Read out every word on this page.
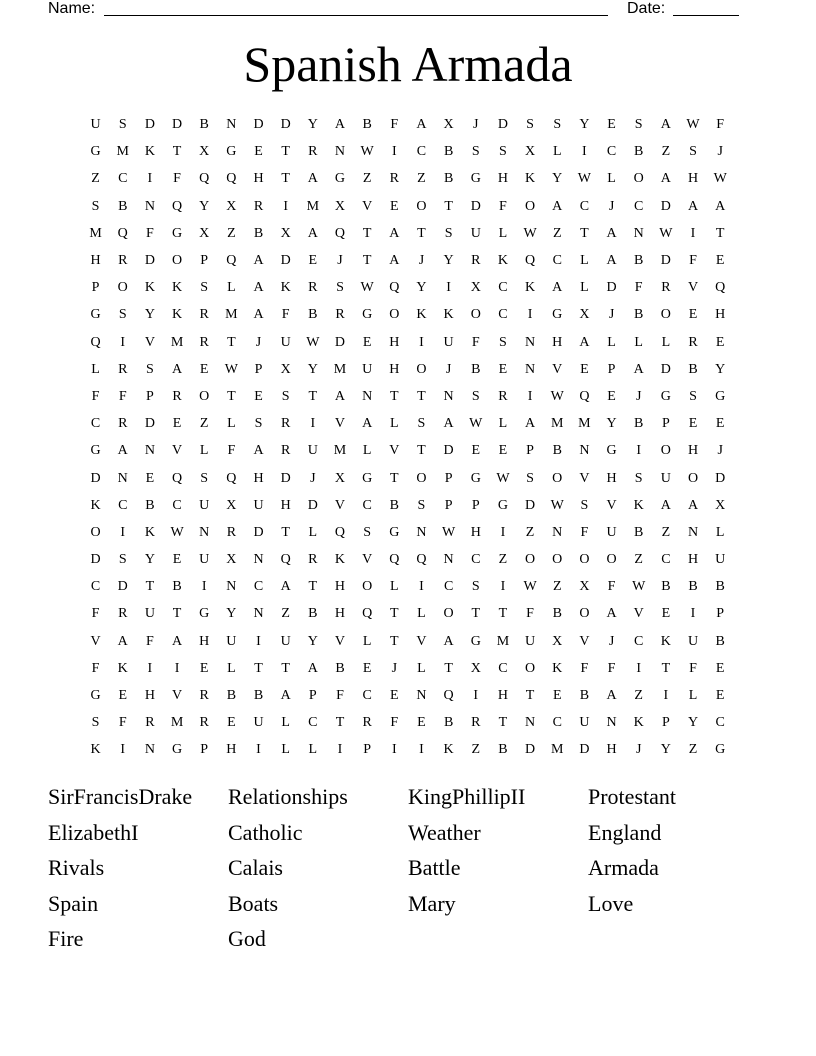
Name:	Date:
Spanish Armada
U	S	D	D	B	N	D	D	Y	A	B	F	A	X	J	D	S	S	Y	E	S	A	W	F
G	M	K	T	X	G	E	T	R	N	W	I	C	B	S	S	X	L	I	C	B	Z	S	J
Z	C	I	F	Q	Q	H	T	A	G	Z	R	Z	B	G	H	K	Y	W	L	O	A	H	W
S	B	N	Q	Y	X	R	I	M	X	V	E	O	T	D	F	O	A	C	J	C	D	A	A
M	Q	F	G	X	Z	B	X	A	Q	T	A	T	S	U	L	W	Z	T	A	N	W	I	T
H	R	D	O	P	Q	A	D	E	J	T	A	J	Y	R	K	Q	C	L	A	B	D	F	E
P	O	K	K	S	L	A	K	R	S	W	Q	Y	I	X	C	K	A	L	D	F	R	V	Q
G	S	Y	K	R	M	A	F	B	R	G	O	K	K	O	C	I	G	X	J	B	O	E	H
Q	I	V	M	R	T	J	U	W	D	E	H	I	U	F	S	N	H	A	L	L	L	R	E
L	R	S	A	E	W	P	X	Y	M	U	H	O	J	B	E	N	V	E	P	A	D	B	Y
F	F	P	R	O	T	E	S	T	A	N	T	T	N	S	R	I	W	Q	E	J	G	S	G
C	R	D	E	Z	L	S	R	I	V	A	L	S	A	W	L	A	M	M	Y	B	P	E	E
G	A	N	V	L	F	A	R	U	M	L	V	T	D	E	E	P	B	N	G	I	O	H	J
D	N	E	Q	S	Q	H	D	J	X	G	T	O	P	G	W	S	O	V	H	S	U	O	D
K	C	B	C	U	X	U	H	D	V	C	B	S	P	P	G	D	W	S	V	K	A	A	X
O	I	K	W	N	R	D	T	L	Q	S	G	N	W	H	I	Z	N	F	U	B	Z	N	L
D	S	Y	E	U	X	N	Q	R	K	V	Q	Q	N	C	Z	O	O	O	O	Z	C	H	U
C	D	T	B	I	N	C	A	T	H	O	L	I	C	S	I	W	Z	X	F	W	B	B	B
F	R	U	T	G	Y	N	Z	B	H	Q	T	L	O	T	T	F	B	O	A	V	E	I	P
V	A	F	A	H	U	I	U	Y	V	L	T	V	A	G	M	U	X	V	J	C	K	U	B
F	K	I	I	E	L	T	T	A	B	E	J	L	T	X	C	O	K	F	F	I	T	F	E
G	E	H	V	R	B	B	A	P	F	C	E	N	Q	I	H	T	E	B	A	Z	I	L	E
S	F	R	M	R	E	U	L	C	T	R	F	E	B	R	T	N	C	U	N	K	P	Y	C
K	I	N	G	P	H	I	L	L	I	P	I	I	K	Z	B	D	M	D	H	J	Y	Z	G
SirFrancisDrake	Relationships	KingPhillipII	Protestant
ElizabethI	Catholic	Weather	England
Rivals	Calais	Battle	Armada
Spain	Boats	Mary	Love
Fire	God
